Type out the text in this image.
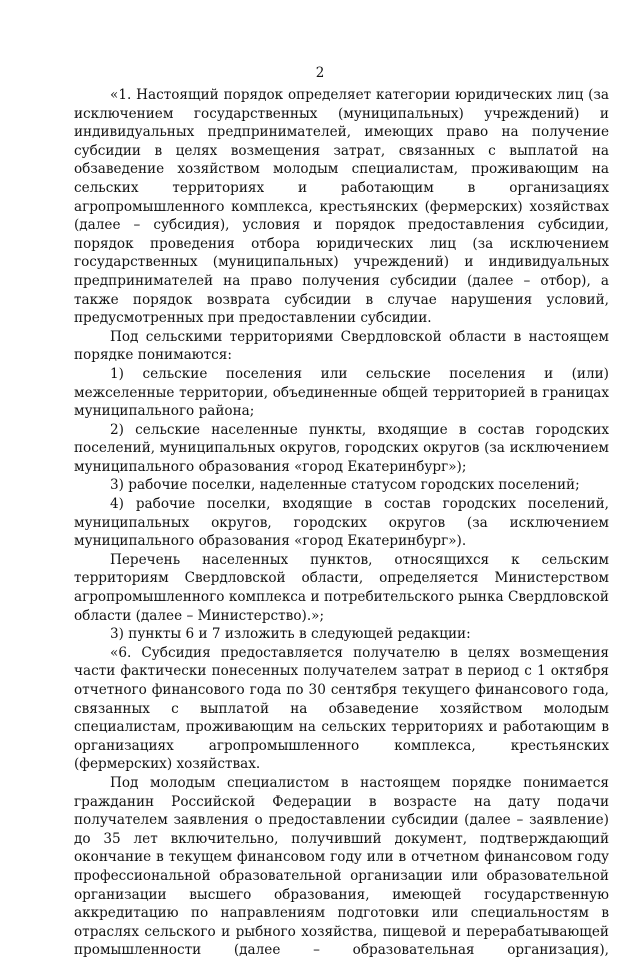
2

«1. Настоящий порядок определяет категории юридических лиц (за исключением государственных (муниципальных) учреждений) и индивидуальных предпринимателей, имеющих право на получение субсидии в целях возмещения затрат, связанных с выплатой на обзаведение хозяйством молодым специалистам, проживающим на сельских территориях и работающим в организациях агропромышленного комплекса, крестьянских (фермерских) хозяйствах (далее – субсидия), условия и порядок предоставления субсидии, порядок проведения отбора юридических лиц (за исключением государственных (муниципальных) учреждений) и индивидуальных предпринимателей на право получения субсидии (далее – отбор), а также порядок возврата субсидии в случае нарушения условий, предусмотренных при предоставлении субсидии.

Под сельскими территориями Свердловской области в настоящем порядке понимаются:

1) сельские поселения или сельские поселения и (или) межселенные территории, объединенные общей территорией в границах муниципального района;

2) сельские населенные пункты, входящие в состав городских поселений, муниципальных округов, городских округов (за исключением муниципального образования «город Екатеринбург»);

3) рабочие поселки, наделенные статусом городских поселений;

4) рабочие поселки, входящие в состав городских поселений, муниципальных округов, городских округов (за исключением муниципального образования «город Екатеринбург»).

Перечень населенных пунктов, относящихся к сельским территориям Свердловской области, определяется Министерством агропромышленного комплекса и потребительского рынка Свердловской области (далее – Министерство).»;

3) пункты 6 и 7 изложить в следующей редакции:

«6. Субсидия предоставляется получателю в целях возмещения части фактически понесенных получателем затрат в период с 1 октября отчетного финансового года по 30 сентября текущего финансового года, связанных с выплатой на обзаведение хозяйством молодым специалистам, проживающим на сельских территориях и работающим в организациях агропромышленного комплекса, крестьянских (фермерских) хозяйствах.

Под молодым специалистом в настоящем порядке понимается гражданин Российской Федерации в возрасте на дату подачи получателем заявления о предоставлении субсидии (далее – заявление) до 35 лет включительно, получивший документ, подтверждающий окончание в текущем финансовом году или в отчетном финансовом году профессиональной образовательной организации или образовательной организации высшего образования, имеющей государственную аккредитацию по направлениям подготовки или специальностям в отраслях сельского и рыбного хозяйства, пищевой и перерабатывающей промышленности (далее – образовательная организация),
